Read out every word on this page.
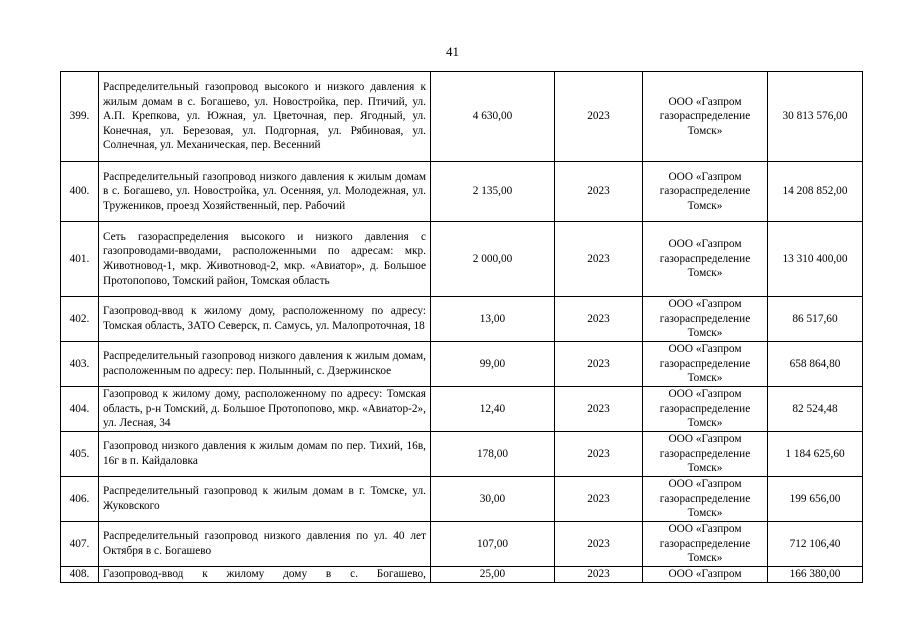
41
399.	Распределительный газопровод высокого и низкого давления к жилым домам в с. Богашево, ул. Новостройка, пер. Птичий, ул. А.П. Крепкова, ул. Южная, ул. Цветочная, пер. Ягодный, ул. Конечная, ул. Березовая, ул. Подгорная, ул. Рябиновая, ул. Солнечная, ул. Механическая, пер. Весенний	4 630,00	2023	ООО «Газпром газораспределение Томск»	30 813 576,00
400.	Распределительный газопровод низкого давления к жилым домам в с. Богашево, ул. Новостройка, ул. Осенняя, ул. Молодежная, ул. Тружеников, проезд Хозяйственный, пер. Рабочий	2 135,00	2023	ООО «Газпром газораспределение Томск»	14 208 852,00
401.	Сеть газораспределения высокого и низкого давления с газопроводами-вводами, расположенными по адресам: мкр. Животновод-1, мкр. Животновод-2, мкр. «Авиатор», д. Большое Протопопово, Томский район, Томская область	2 000,00	2023	ООО «Газпром газораспределение Томск»	13 310 400,00
402.	Газопровод-ввод к жилому дому, расположенному по адресу: Томская область, ЗАТО Северск, п. Самусь, ул. Малопроточная, 18	13,00	2023	ООО «Газпром газораспределение Томск»	86 517,60
403.	Распределительный газопровод низкого давления к жилым домам, расположенным по адресу: пер. Полынный, с. Дзержинское	99,00	2023	ООО «Газпром газораспределение Томск»	658 864,80
404.	Газопровод к жилому дому, расположенному по адресу: Томская область, р-н Томский, д. Большое Протопопово, мкр. «Авиатор-2», ул. Лесная, 34	12,40	2023	ООО «Газпром газораспределение Томск»	82 524,48
405.	Газопровод низкого давления к жилым домам по пер. Тихий, 16в, 16г в п. Кайдаловка	178,00	2023	ООО «Газпром газораспределение Томск»	1 184 625,60
406.	Распределительный газопровод к жилым домам в г. Томске, ул. Жуковского	30,00	2023	ООО «Газпром газораспределение Томск»	199 656,00
407.	Распределительный газопровод низкого давления по ул. 40 лет Октября в с. Богашево	107,00	2023	ООО «Газпром газораспределение Томск»	712 106,40
408.	Газопровод-ввод к жилому дому в с. Богашево,	25,00	2023	ООО «Газпром	166 380,00
